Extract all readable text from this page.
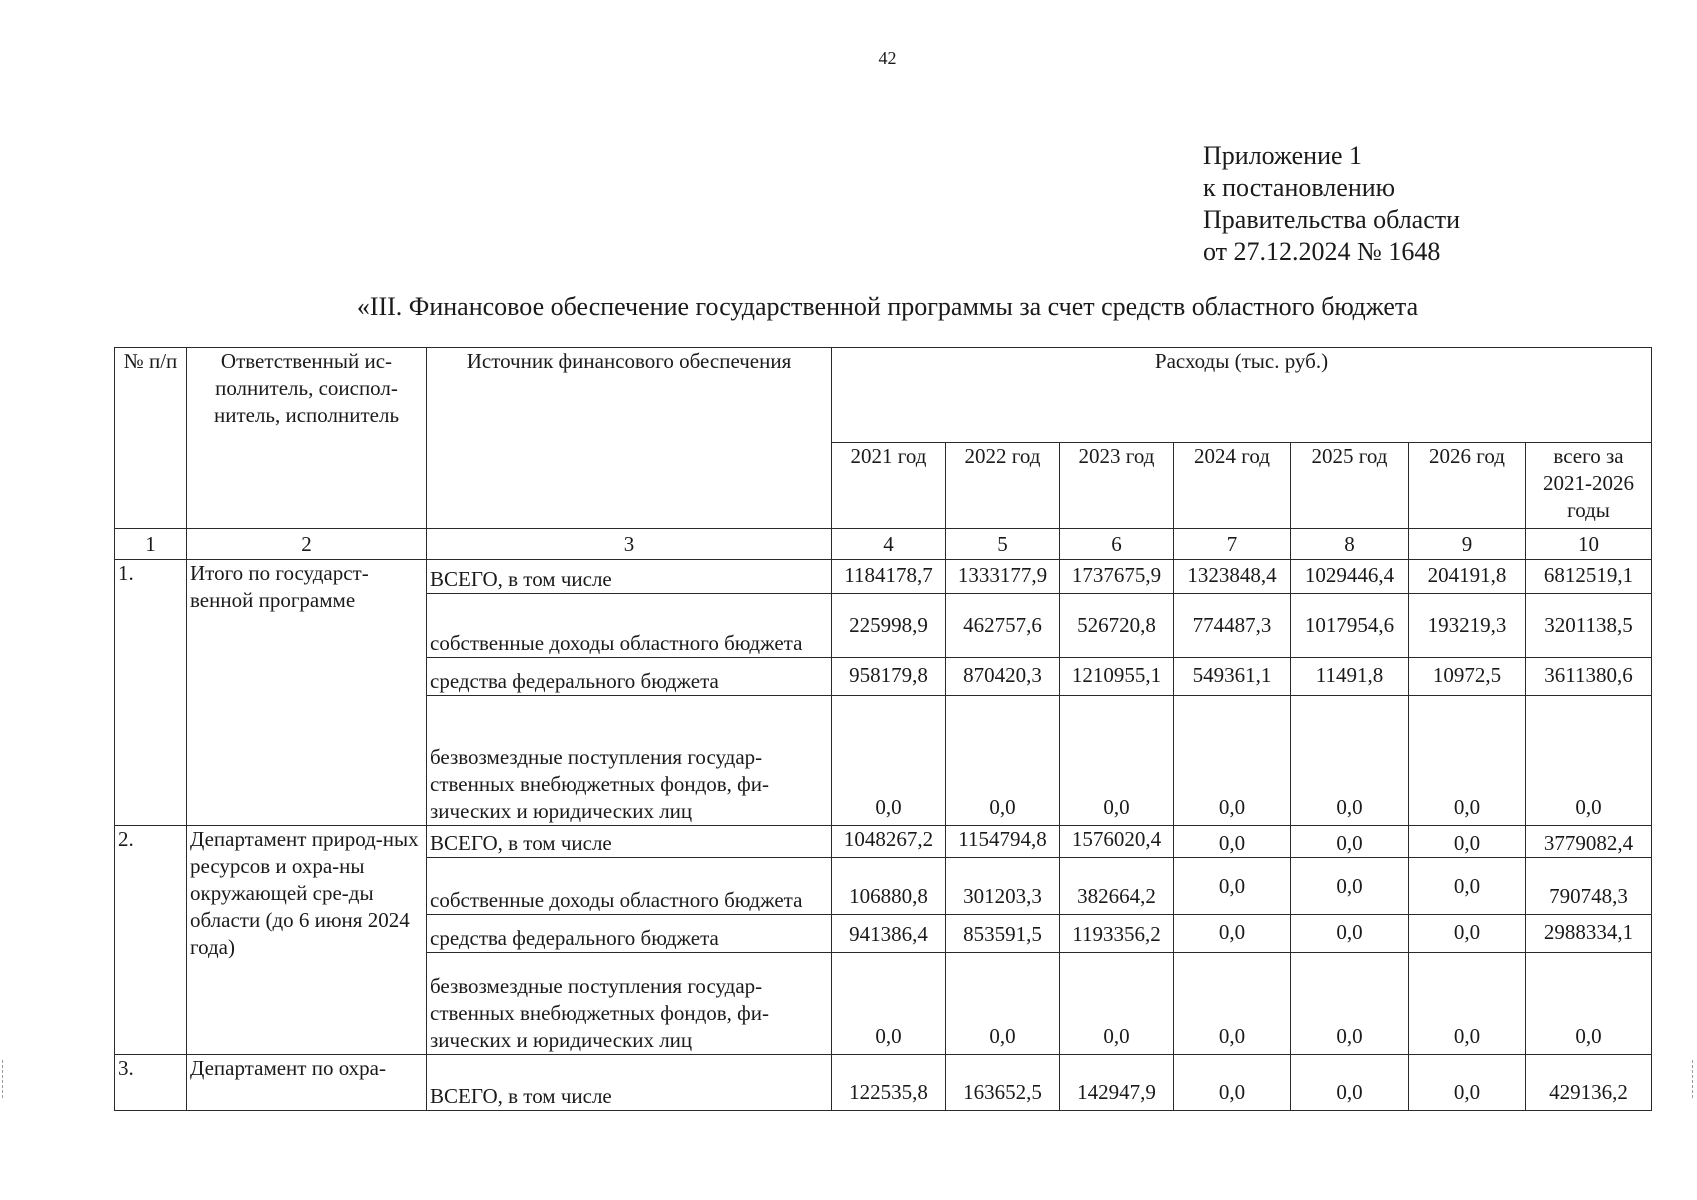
42
Приложение 1
к постановлению
Правительства области
от 27.12.2024 № 1648
«III. Финансовое обеспечение государственной программы за счет средств областного бюджета
№ п/п	Ответственный ис-полнитель, соиспол-нитель, исполнитель	Источник финансового обеспечения	Расходы (тыс. руб.)						
			2021 год	2022 год	2023 год	2024 год	2025 год	2026 год	всего за 2021-2026 годы
1	2	3	4	5	6	7	8	9	10
1.	Итого по государст-венной программе	ВСЕГО, в том числе	1184178,7	1333177,9	1737675,9	1323848,4	1029446,4	204191,8	6812519,1
		собственные доходы областного бюджета	225998,9	462757,6	526720,8	774487,3	1017954,6	193219,3	3201138,5
		средства федерального бюджета	958179,8	870420,3	1210955,1	549361,1	11491,8	10972,5	3611380,6
		безвозмездные поступления государ-ственных внебюджетных фондов, фи-зических и юридических лиц	0,0	0,0	0,0	0,0	0,0	0,0	0,0
2.	Департамент природ-ных ресурсов и охра-ны окружающей сре-ды области (до 6 июня 2024 года)	ВСЕГО, в том числе	1048267,2	1154794,8	1576020,4	0,0	0,0	0,0	3779082,4
		собственные доходы областного бюджета	106880,8	301203,3	382664,2	0,0	0,0	0,0	790748,3
		средства федерального бюджета	941386,4	853591,5	1193356,2	0,0	0,0	0,0	2988334,1
		безвозмездные поступления государ-ственных внебюджетных фондов, фи-зических и юридических лиц	0,0	0,0	0,0	0,0	0,0	0,0	0,0
3.	Департамент по охра-	ВСЕГО, в том числе	122535,8	163652,5	142947,9	0,0	0,0	0,0	429136,2
